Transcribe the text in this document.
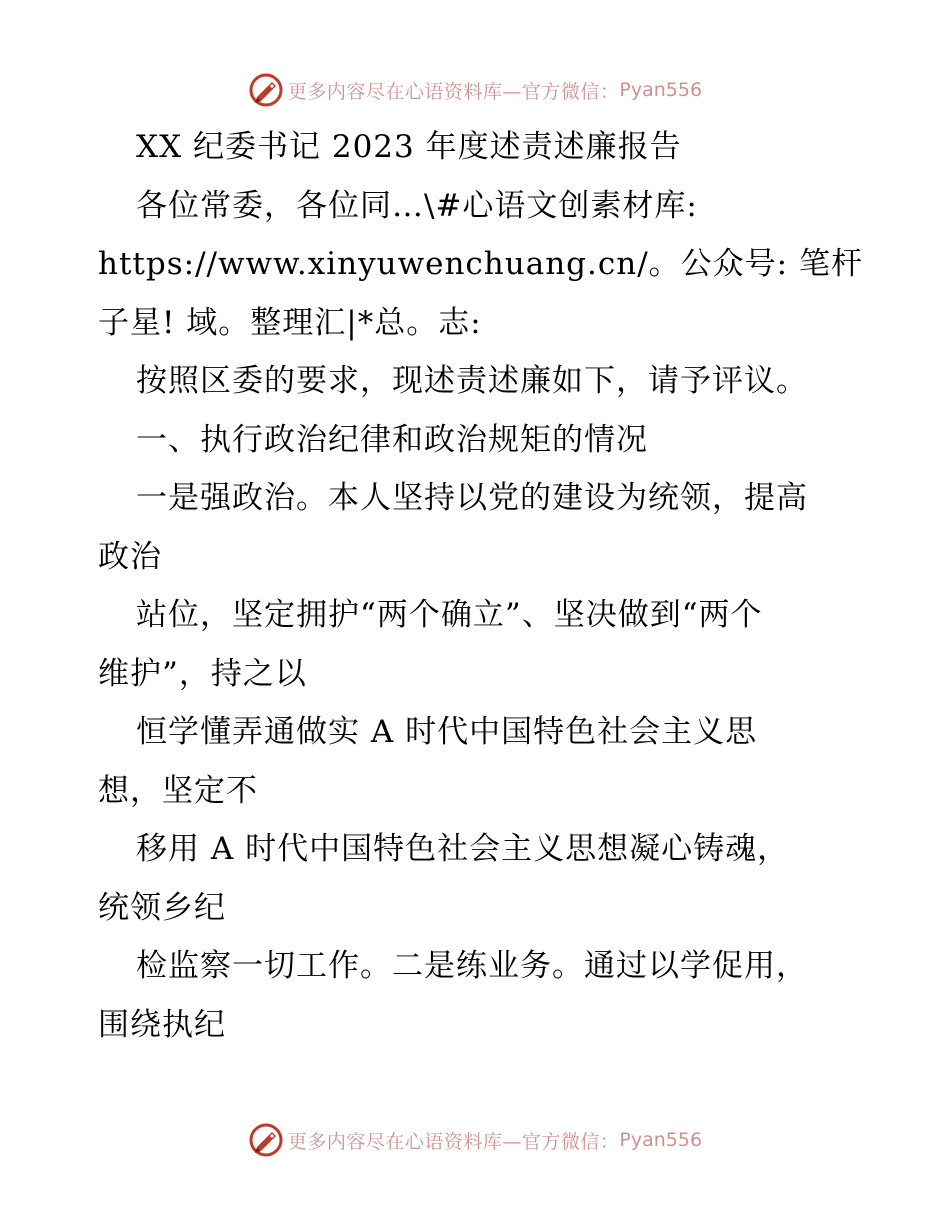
更多内容尽在心语资料库—官方微信： Pyan556
XX 纪委书记 2023 年度述责述廉报告
各位常委，各位同…\#心语文创素材库:
https://www.xinyuwenchuang.cn/。公众号: 笔杆
子星! 域。整理汇|*总。志:
按照区委的要求，现述责述廉如下，请予评议。
一、执行政治纪律和政治规矩的情况
一是强政治。本人坚持以党的建设为统领，提高
政治
站位，坚定拥护“两个确立”、坚决做到“两个
维护”，持之以
恒学懂弄通做实 A 时代中国特色社会主义思
想，坚定不
移用 A 时代中国特色社会主义思想凝心铸魂，
统领乡纪
检监察一切工作。二是练业务。通过以学促用，
围绕执纪
更多内容尽在心语资料库—官方微信： Pyan556
